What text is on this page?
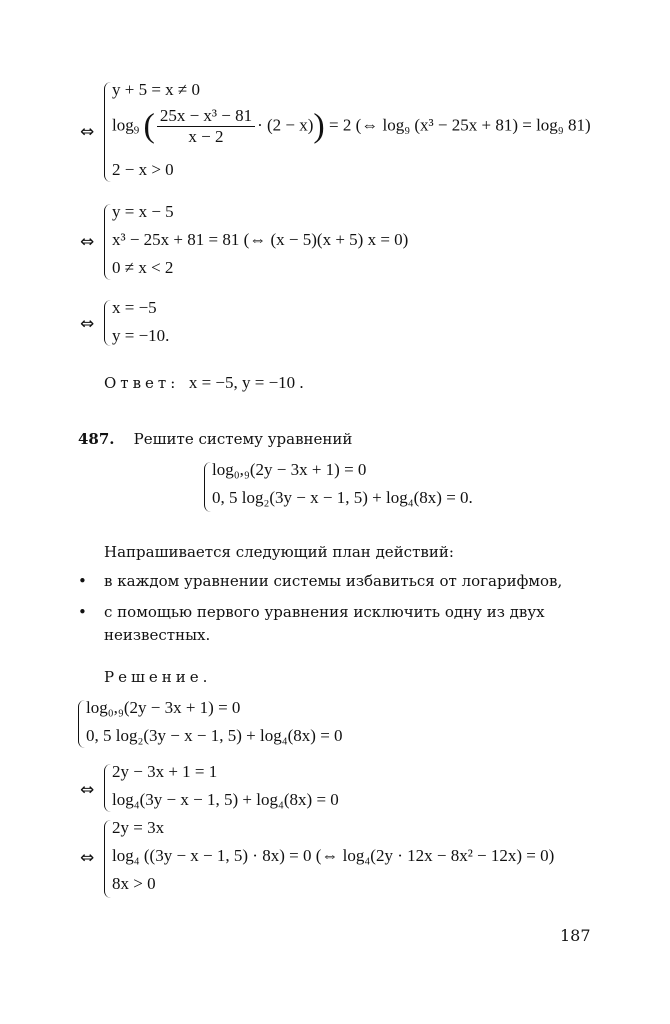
⇔
y + 5 = x ≠ 0
$\log_9$ ( $\frac{\text{25x − x³ − 81}}{x - 2} \cdot (2 - x)) = 2$ (⇔ log₉ (x³ − 25x + 81) = log₉ 81)
2 − x > 0
⇔
y = x − 5
x³ − 25x + 81 = 81 (⇔ (x − 5)(x + 5) x = 0)
0 ≠ x < 2
⇔
x = −5
y = −10.
Ответ: x = −5, y = −10 .
487. Решите систему уравнений
log₀,₉(2y − 3x + 1) = 0
0, 5 log₂(3y − x − 1, 5) + log₄(8x) = 0.
Напрашивается следующий план действий:
• в каждом уравнении системы избавиться от логарифмов,
• с помощью первого уравнения исключить одну из двух
неизвестных.
Решение.
log₀,₉(2y − 3x + 1) = 0
0, 5 log₂(3y − x − 1, 5) + log₄(8x) = 0
⇔
2y − 3x + 1 = 1
log₄(3y − x − 1, 5) + log₄(8x) = 0
⇔
2y = 3x
log₄ ((3y − x − 1, 5) · 8x) = 0 (⇔ log₄(2y · 12x − 8x² − 12x) = 0)
8x > 0
187
